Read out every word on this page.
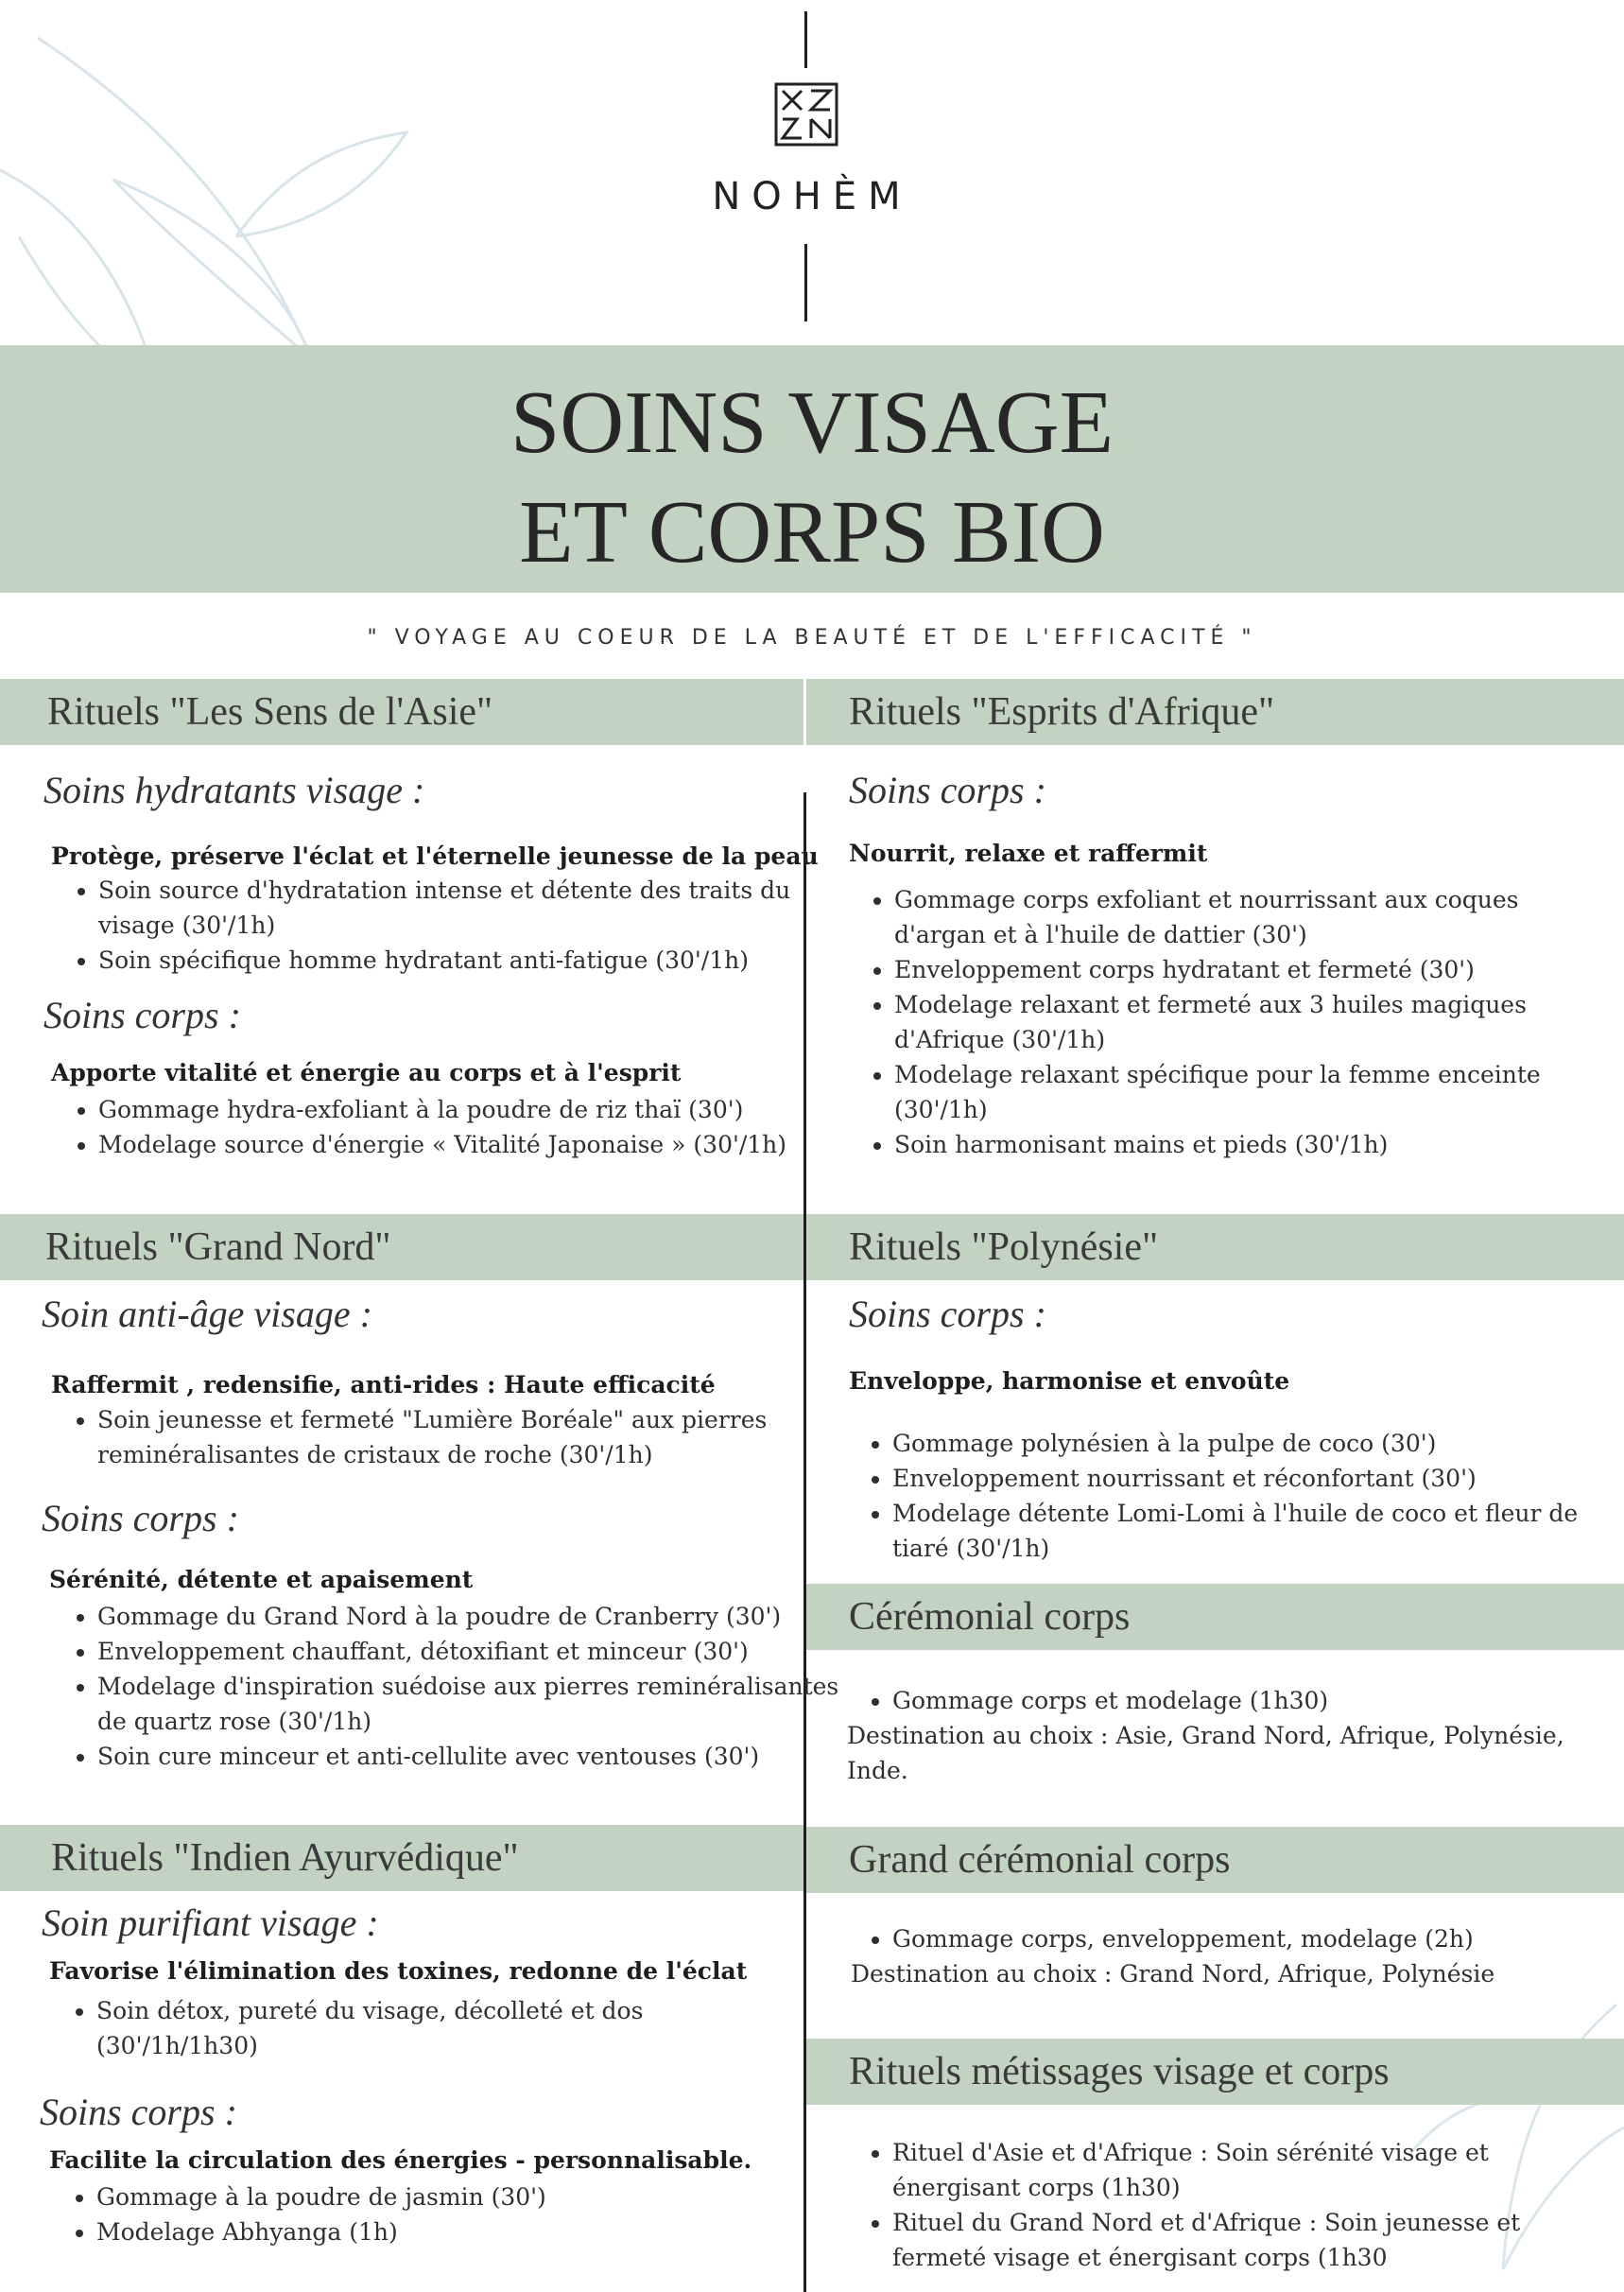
NOHÈM
SOINS VISAGE
ET CORPS BIO
" VOYAGE AU COEUR DE LA BEAUTÉ ET DE L'EFFICACITÉ "
Rituels "Les Sens de l'Asie"
Soins hydratants visage :
Protège, préserve l'éclat et l'éternelle jeunesse de la peau
• Soin source d'hydratation intense et détente des traits du visage (30'/1h)
• Soin spécifique homme hydratant anti-fatigue (30'/1h)
Soins corps :
Apporte vitalité et énergie au corps et à l'esprit
• Gommage hydra-exfoliant à la poudre de riz thaï (30')
• Modelage source d'énergie « Vitalité Japonaise » (30'/1h)
Rituels "Grand Nord"
Soin anti-âge visage :
Raffermit , redensifie, anti-rides : Haute efficacité
• Soin jeunesse et fermeté "Lumière Boréale" aux pierres reminéralisantes de cristaux de roche (30'/1h)
Soins corps :
Sérénité, détente et apaisement
• Gommage du Grand Nord à la poudre de Cranberry (30')
• Enveloppement chauffant, détoxifiant et minceur (30')
• Modelage d'inspiration suédoise aux pierres reminéralisantes de quartz rose (30'/1h)
• Soin cure minceur et anti-cellulite avec ventouses (30')
Rituels "Indien Ayurvédique"
Soin purifiant visage :
Favorise l'élimination des toxines, redonne de l'éclat
• Soin détox, pureté du visage, décolleté et dos (30'/1h/1h30)
Soins corps :
Facilite la circulation des énergies - personnalisable.
• Gommage à la poudre de jasmin (30')
• Modelage Abhyanga (1h)
Rituels "Esprits d'Afrique"
Soins corps :
Nourrit, relaxe et raffermit
• Gommage corps exfoliant et nourrissant aux coques d'argan et à l'huile de dattier (30')
• Enveloppement corps hydratant et fermeté (30')
• Modelage relaxant et fermeté aux 3 huiles magiques d'Afrique (30'/1h)
• Modelage relaxant spécifique pour la femme enceinte (30'/1h)
• Soin harmonisant mains et pieds (30'/1h)
Rituels "Polynésie"
Soins corps :
Enveloppe, harmonise et envoûte
• Gommage polynésien à la pulpe de coco (30')
• Enveloppement nourrissant et réconfortant (30')
• Modelage détente Lomi-Lomi à l'huile de coco et fleur de tiaré (30'/1h)
Cérémonial corps
• Gommage corps et modelage (1h30)
Destination au choix : Asie, Grand Nord, Afrique, Polynésie, Inde.
Grand cérémonial corps
• Gommage corps, enveloppement, modelage (2h)
Destination au choix : Grand Nord, Afrique, Polynésie
Rituels métissages visage et corps
• Rituel d'Asie et d'Afrique : Soin sérénité visage et énergisant corps (1h30)
• Rituel du Grand Nord et d'Afrique : Soin jeunesse et fermeté visage et énergisant corps (1h30
